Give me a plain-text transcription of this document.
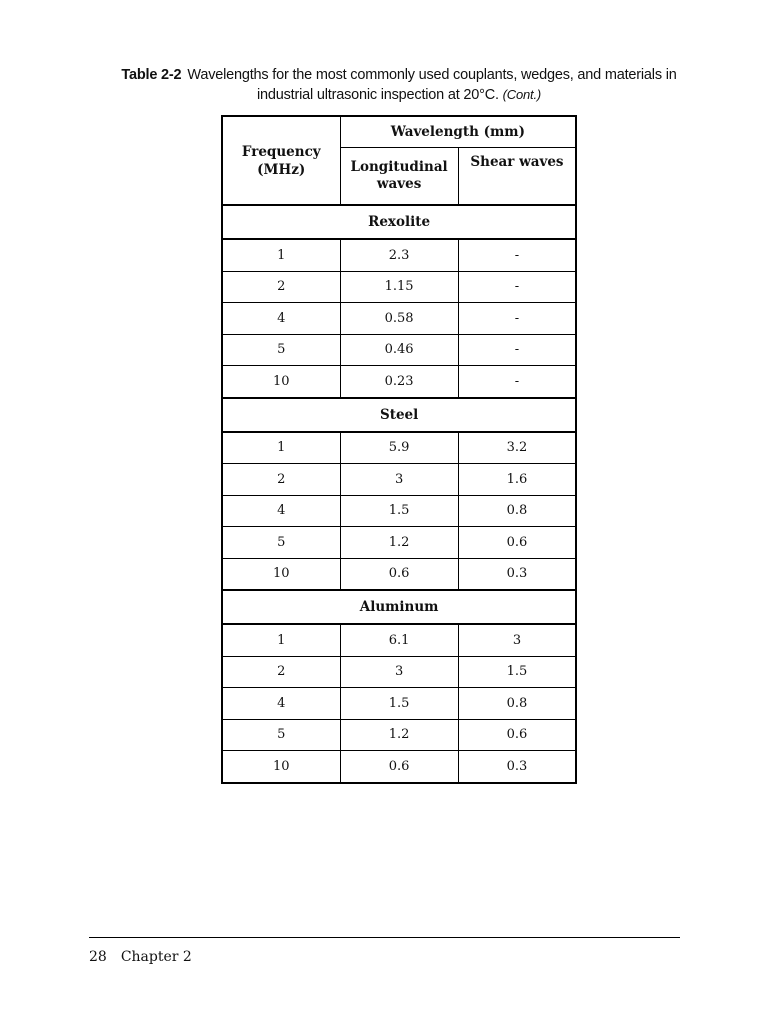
Table 2-2 Wavelengths for the most commonly used couplants, wedges, and materials in
industrial ultrasonic inspection at 20°C. (Cont.)
Frequency (MHz)	Wavelength (mm)	
	Longitudinal waves	Shear waves
Rexolite		
1	2.3	-
2	1.15	-
4	0.58	-
5	0.46	-
10	0.23	-
Steel		
1	5.9	3.2
2	3	1.6
4	1.5	0.8
5	1.2	0.6
10	0.6	0.3
Aluminum		
1	6.1	3
2	3	1.5
4	1.5	0.8
5	1.2	0.6
10	0.6	0.3
28 Chapter 2
